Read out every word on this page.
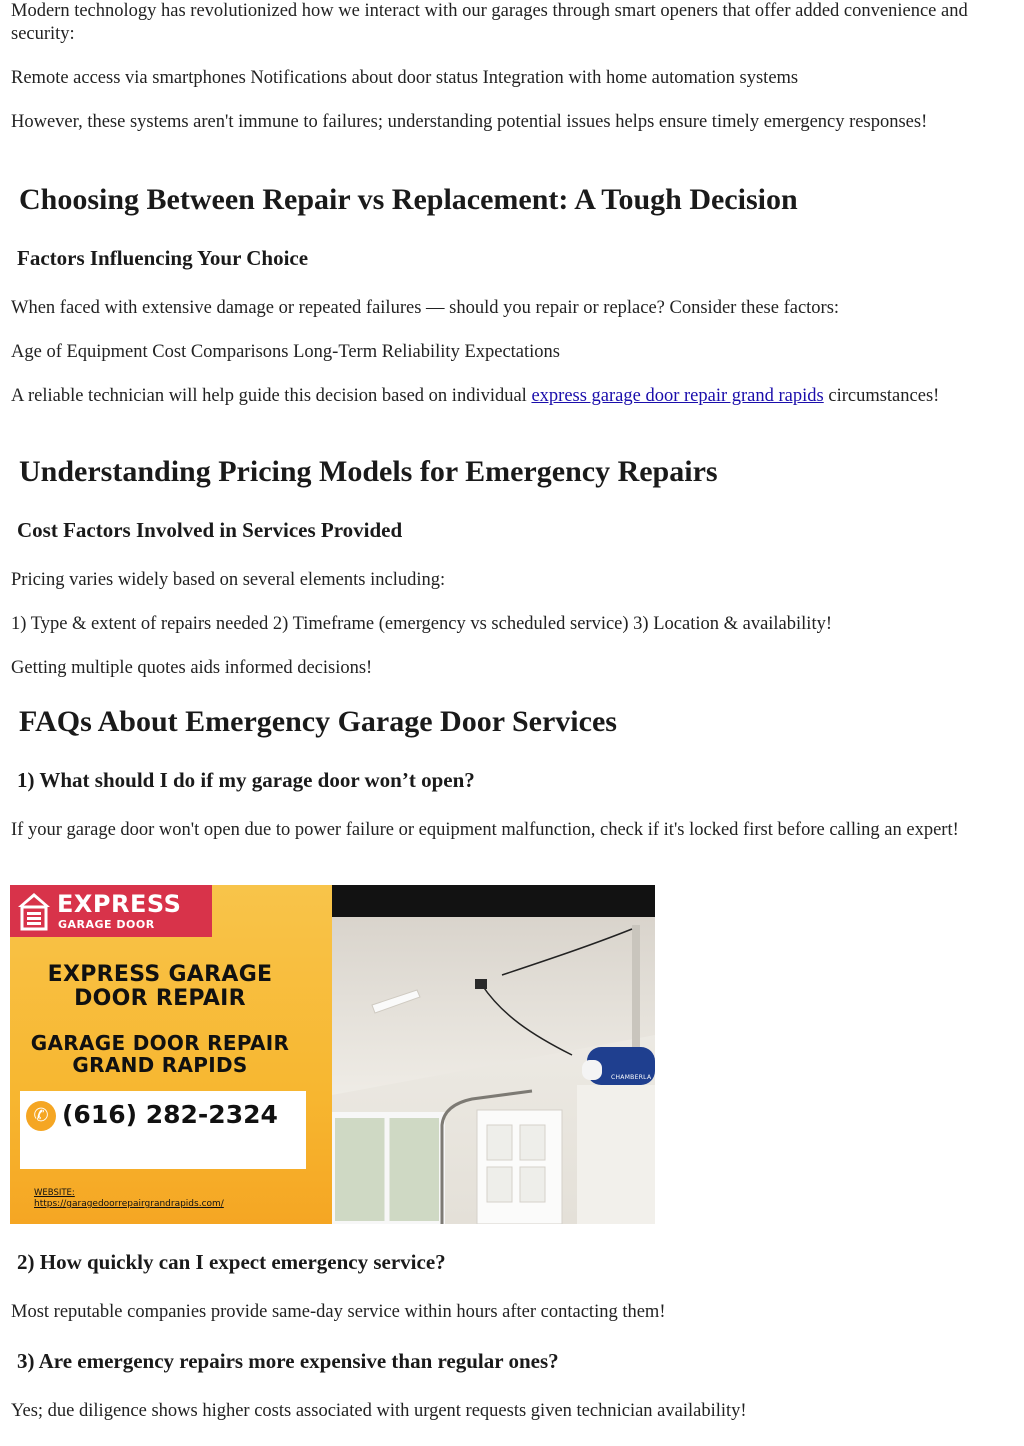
Modern technology has revolutionized how we interact with our garages through smart openers that offer added convenience and security:

Remote access via smartphones Notifications about door status Integration with home automation systems

However, these systems aren't immune to failures; understanding potential issues helps ensure timely emergency responses!

Choosing Between Repair vs Replacement: A Tough Decision
Factors Influencing Your Choice

When faced with extensive damage or repeated failures — should you repair or replace? Consider these factors:

Age of Equipment Cost Comparisons Long-Term Reliability Expectations

A reliable technician will help guide this decision based on individual express garage door repair grand rapids circumstances!

Understanding Pricing Models for Emergency Repairs
Cost Factors Involved in Services Provided

Pricing varies widely based on several elements including:

1) Type & extent of repairs needed 2) Timeframe (emergency vs scheduled service) 3) Location & availability!

Getting multiple quotes aids informed decisions!

FAQs About Emergency Garage Door Services
1) What should I do if my garage door won’t open?

If your garage door won't open due to power failure or equipment malfunction, check if it's locked first before calling an expert!

EXPRESS
GARAGE DOOR
EXPRESS GARAGE
DOOR REPAIR
GARAGE DOOR REPAIR
GRAND RAPIDS
✆ (616) 282-2324
WEBSITE:
https://garagedoorrepairgrandrapids.com/
CHAMBERLA
2) How quickly can I expect emergency service?

Most reputable companies provide same-day service within hours after contacting them!

3) Are emergency repairs more expensive than regular ones?

Yes; due diligence shows higher costs associated with urgent requests given technician availability!
